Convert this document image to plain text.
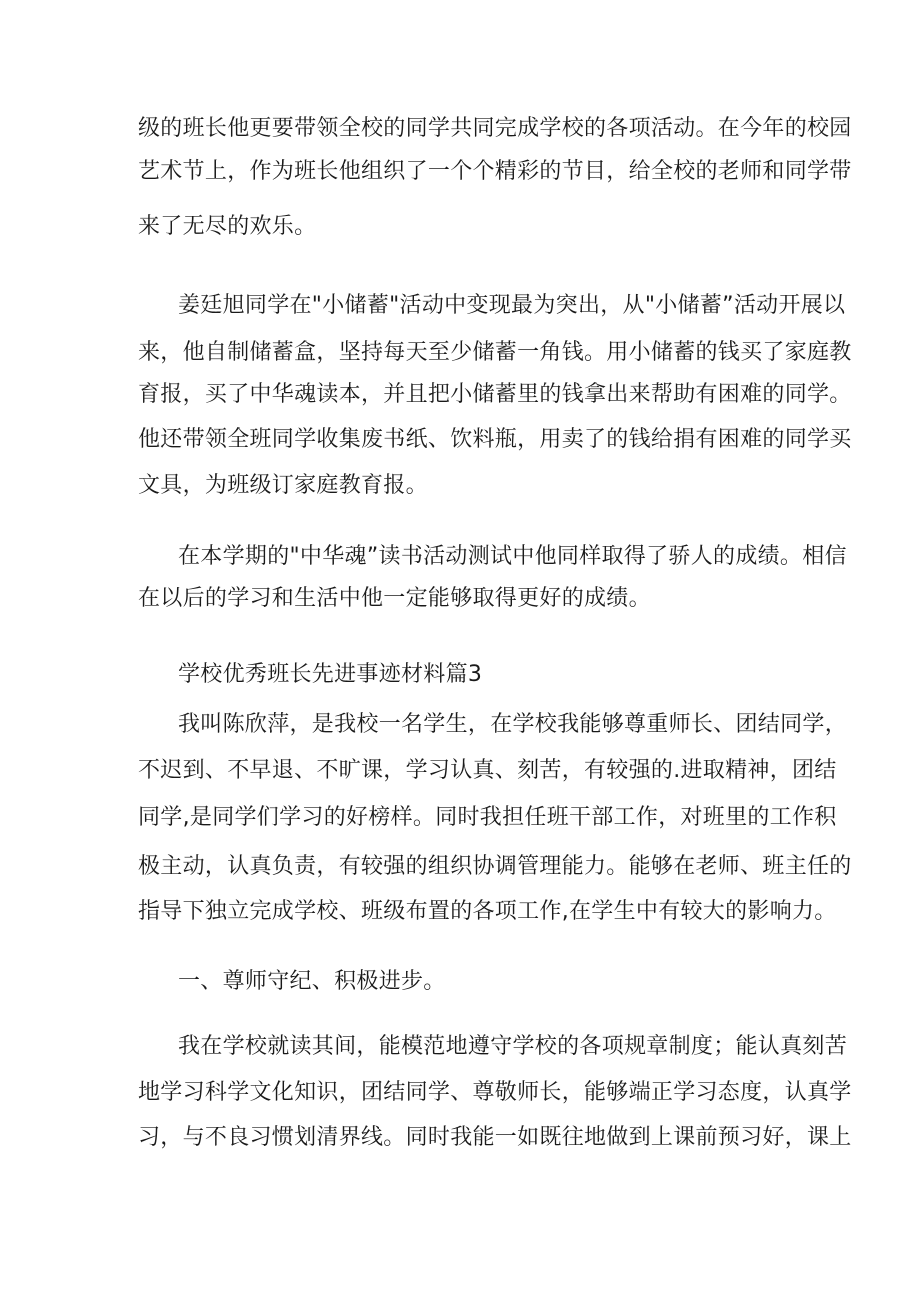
级的班长他更要带领全校的同学共同完成学校的各项活动。在今年的校园
艺术节上，作为班长他组织了一个个精彩的节目，给全校的老师和同学带
来了无尽的欢乐。
姜廷旭同学在"小储蓄"活动中变现最为突出，从"小储蓄”活动开展以
来，他自制储蓄盒，坚持每天至少储蓄一角钱。用小储蓄的钱买了家庭教
育报，买了中华魂读本，并且把小储蓄里的钱拿出来帮助有困难的同学。
他还带领全班同学收集废书纸、饮料瓶，用卖了的钱给捐有困难的同学买
文具，为班级订家庭教育报。
在本学期的"中华魂”读书活动测试中他同样取得了骄人的成绩。相信
在以后的学习和生活中他一定能够取得更好的成绩。
学校优秀班长先进事迹材料篇3
我叫陈欣萍，是我校一名学生，在学校我能够尊重师长、团结同学，
不迟到、不早退、不旷课，学习认真、刻苦，有较强的.进取精神，团结
同学,是同学们学习的好榜样。同时我担任班干部工作，对班里的工作积
极主动，认真负责，有较强的组织协调管理能力。能够在老师、班主任的
指导下独立完成学校、班级布置的各项工作,在学生中有较大的影响力。
一、尊师守纪、积极进步。
我在学校就读其间，能模范地遵守学校的各项规章制度；能认真刻苦
地学习科学文化知识，团结同学、尊敬师长，能够端正学习态度，认真学
习，与不良习惯划清界线。同时我能一如既往地做到上课前预习好，课上
